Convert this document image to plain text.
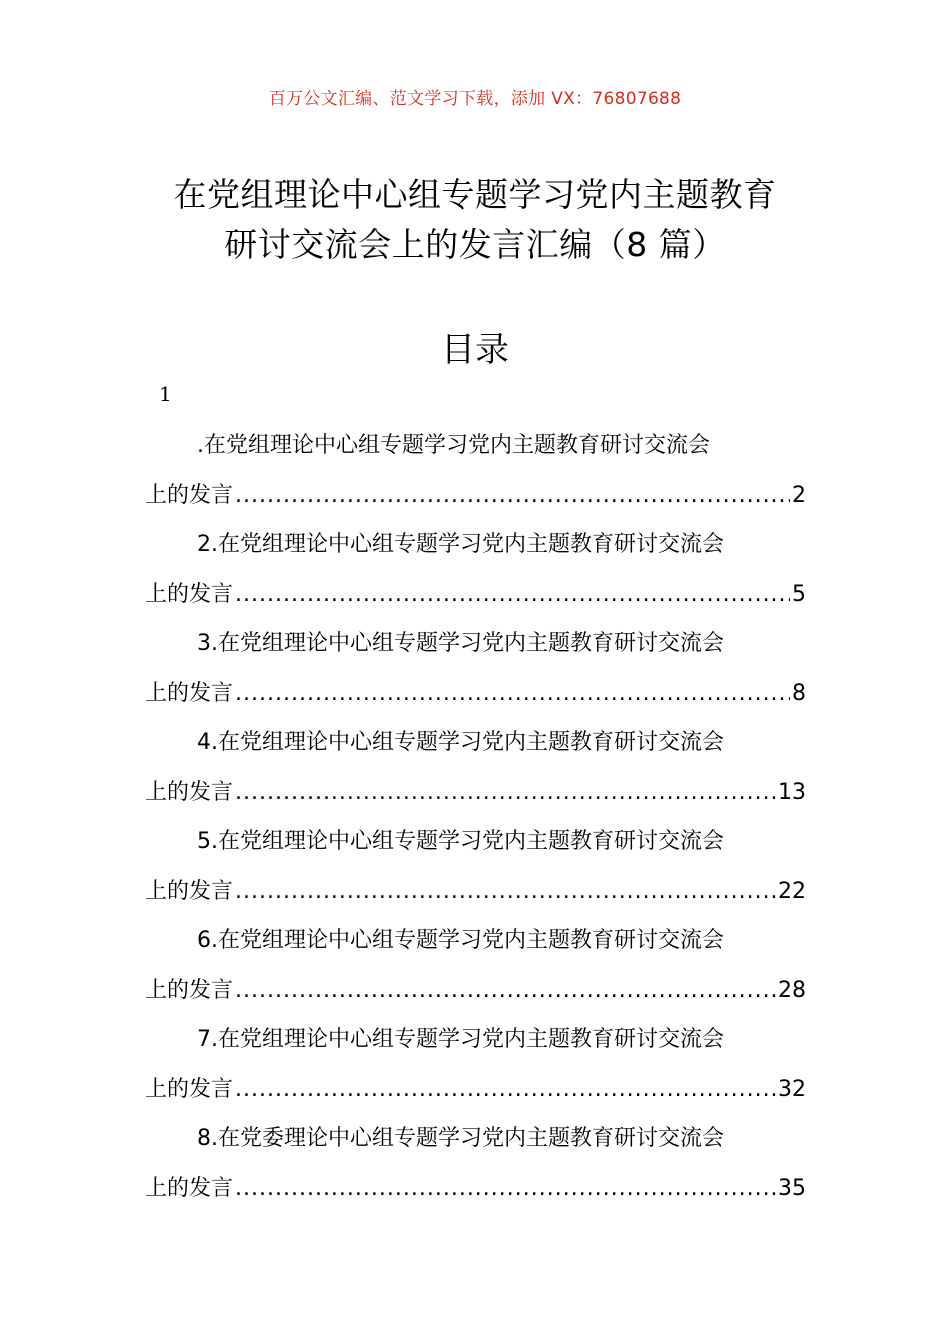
百万公文汇编、范文学习下载，添加 VX：76807688
在党组理论中心组专题学习党内主题教育
研讨交流会上的发言汇编（8 篇）
目录
1
.在党组理论中心组专题学习党内主题教育研讨交流会
上的发言 .....	2
2.在党组理论中心组专题学习党内主题教育研讨交流会
上的发言 .....	5
3.在党组理论中心组专题学习党内主题教育研讨交流会
上的发言 .....	8
4.在党组理论中心组专题学习党内主题教育研讨交流会
上的发言 .....	13
5.在党组理论中心组专题学习党内主题教育研讨交流会
上的发言 .....	22
6.在党组理论中心组专题学习党内主题教育研讨交流会
上的发言 .....	28
7.在党组理论中心组专题学习党内主题教育研讨交流会
上的发言 .....	32
8.在党委理论中心组专题学习党内主题教育研讨交流会
上的发言 .....	35
